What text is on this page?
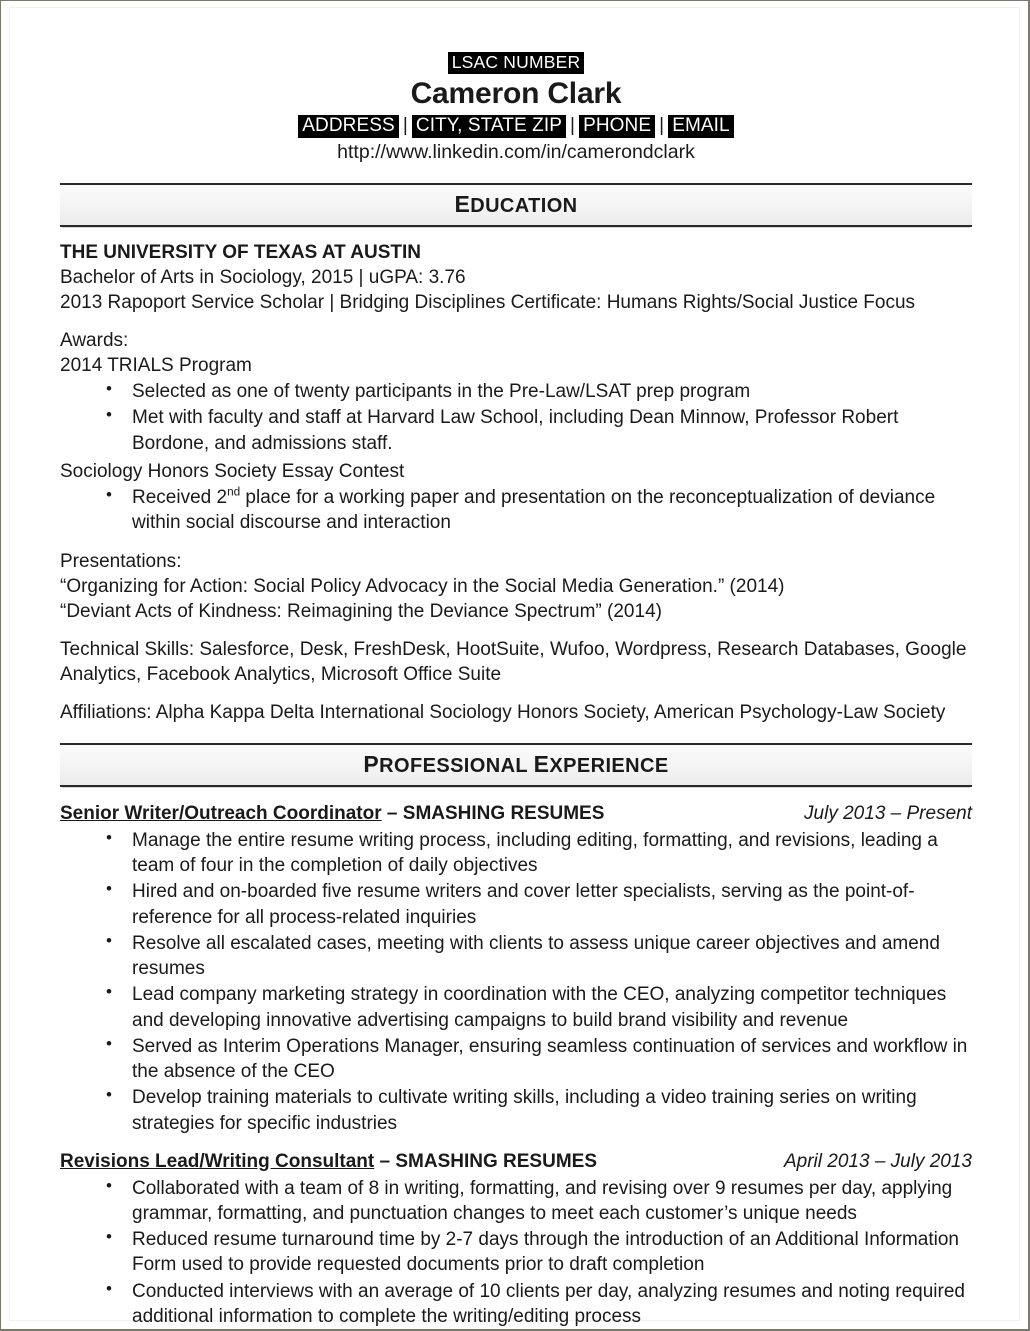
LSAC NUMBER
Cameron Clark
ADDRESS | CITY, STATE ZIP | PHONE | EMAIL
http://www.linkedin.com/in/camerondclark
EDUCATION

THE UNIVERSITY OF TEXAS AT AUSTIN

Bachelor of Arts in Sociology, 2015 | uGPA: 3.76

2013 Rapoport Service Scholar | Bridging Disciplines Certificate: Humans Rights/Social Justice Focus

Awards:

2014 TRIALS Program

• Selected as one of twenty participants in the Pre-Law/LSAT prep program
• Met with faculty and staff at Harvard Law School, including Dean Minnow, Professor Robert Bordone, and admissions staff.

Sociology Honors Society Essay Contest

• Received 2nd place for a working paper and presentation on the reconceptualization of deviance within social discourse and interaction

Presentations:

“Organizing for Action: Social Policy Advocacy in the Social Media Generation.” (2014)

“Deviant Acts of Kindness: Reimagining the Deviance Spectrum” (2014)

Technical Skills: Salesforce, Desk, FreshDesk, HootSuite, Wufoo, Wordpress, Research Databases, Google Analytics, Facebook Analytics, Microsoft Office Suite

Affiliations: Alpha Kappa Delta International Sociology Honors Society, American Psychology-Law Society

PROFESSIONAL EXPERIENCE
Senior Writer/Outreach Coordinator – SMASHING RESUMES	July 2013 – Present
• Manage the entire resume writing process, including editing, formatting, and revisions, leading a team of four in the completion of daily objectives
• Hired and on-boarded five resume writers and cover letter specialists, serving as the point-of-reference for all process-related inquiries
• Resolve all escalated cases, meeting with clients to assess unique career objectives and amend resumes
• Lead company marketing strategy in coordination with the CEO, analyzing competitor techniques and developing innovative advertising campaigns to build brand visibility and revenue
• Served as Interim Operations Manager, ensuring seamless continuation of services and workflow in the absence of the CEO
• Develop training materials to cultivate writing skills, including a video training series on writing strategies for specific industries
Revisions Lead/Writing Consultant – SMASHING RESUMES	April 2013 – July 2013
• Collaborated with a team of 8 in writing, formatting, and revising over 9 resumes per day, applying grammar, formatting, and punctuation changes to meet each customer’s unique needs
• Reduced resume turnaround time by 2-7 days through the introduction of an Additional Information Form used to provide requested documents prior to draft completion
• Conducted interviews with an average of 10 clients per day, analyzing resumes and noting required additional information to complete the writing/editing process
